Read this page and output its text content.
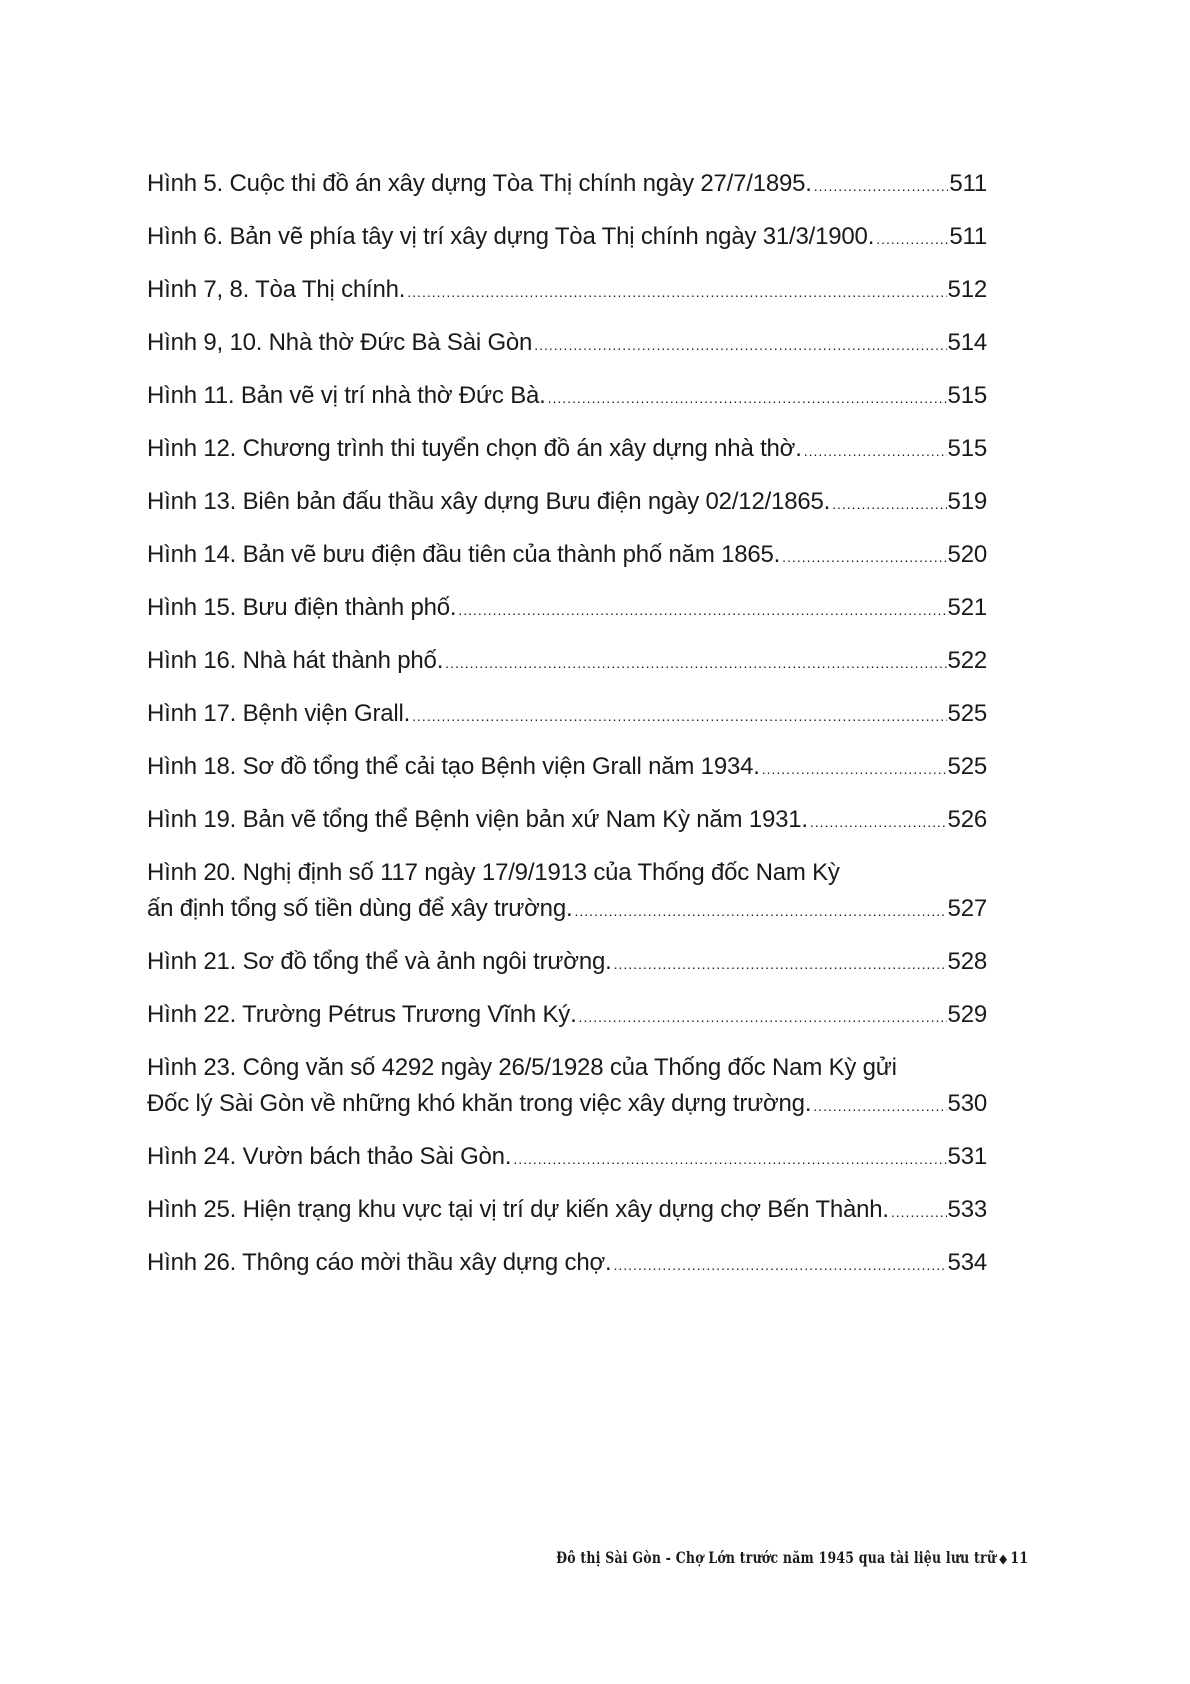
Hình 5. Cuộc thi đồ án xây dựng Tòa Thị chính ngày 27/7/1895. .....	511
Hình 6. Bản vẽ phía tây vị trí xây dựng Tòa Thị chính ngày 31/3/1900. .....	511
Hình 7, 8. Tòa Thị chính. .....	512
Hình 9, 10. Nhà thờ Đức Bà Sài Gòn .....	514
Hình 11. Bản vẽ vị trí nhà thờ Đức Bà. .....	515
Hình 12. Chương trình thi tuyển chọn đồ án xây dựng nhà thờ. .....	515
Hình 13. Biên bản đấu thầu xây dựng Bưu điện ngày 02/12/1865. .....	519
Hình 14. Bản vẽ bưu điện đầu tiên của thành phố năm 1865. .....	520
Hình 15. Bưu điện thành phố. .....	521
Hình 16. Nhà hát thành phố. .....	522
Hình 17. Bệnh viện Grall. .....	525
Hình 18. Sơ đồ tổng thể cải tạo Bệnh viện Grall năm 1934. .....	525
Hình 19. Bản vẽ tổng thể Bệnh viện bản xứ Nam Kỳ năm 1931. .....	526
Hình 20. Nghị định số 117 ngày 17/9/1913 của Thống đốc Nam Kỳ
ấn định tổng số tiền dùng để xây trường. .....	527
Hình 21. Sơ đồ tổng thể và ảnh ngôi trường. .....	528
Hình 22. Trường Pétrus Trương Vĩnh Ký. .....	529
Hình 23. Công văn số 4292 ngày 26/5/1928 của Thống đốc Nam Kỳ gửi
Đốc lý Sài Gòn về những khó khăn trong việc xây dựng trường. .....	530
Hình 24. Vườn bách thảo Sài Gòn. .....	531
Hình 25. Hiện trạng khu vực tại vị trí dự kiến xây dựng chợ Bến Thành. ..... 533
Hình 26. Thông cáo mời thầu xây dựng chợ. .....	534
Đô thị Sài Gòn - Chợ Lớn trước năm 1945 qua tài liệu lưu trữ ◆ 11
